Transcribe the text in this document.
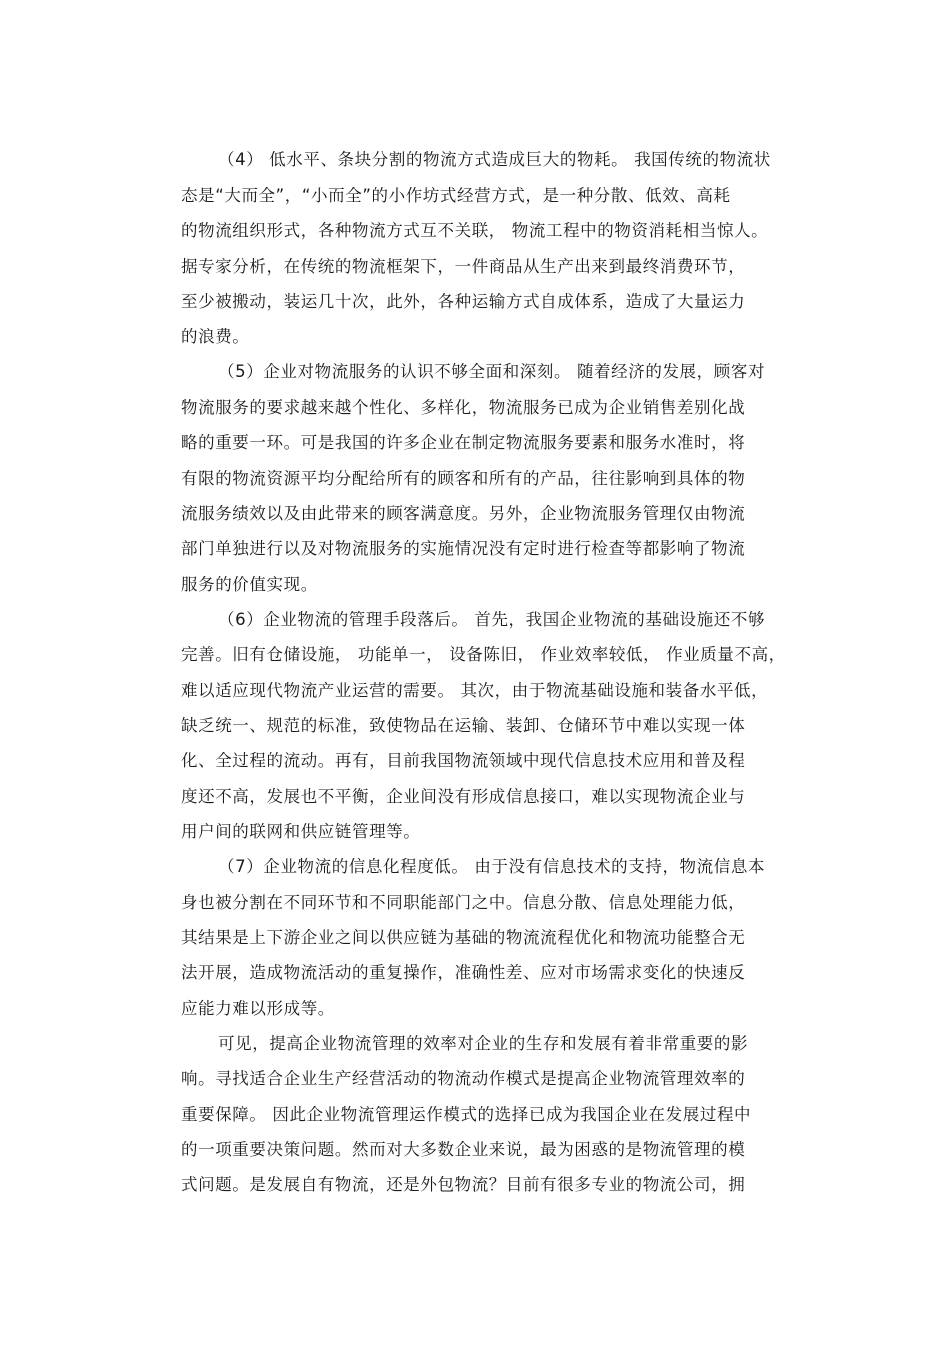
（4） 低水平、条块分割的物流方式造成巨大的物耗。 我国传统的物流状
态是“大而全”，“小而全”的小作坊式经营方式，是一种分散、低效、高耗
的物流组织形式，各种物流方式互不关联， 物流工程中的物资消耗相当惊人。
据专家分析，在传统的物流框架下，一件商品从生产出来到最终消费环节，
至少被搬动，装运几十次，此外，各种运输方式自成体系，造成了大量运力
的浪费。
（5）企业对物流服务的认识不够全面和深刻。 随着经济的发展，顾客对
物流服务的要求越来越个性化、多样化，物流服务已成为企业销售差别化战
略的重要一环。可是我国的许多企业在制定物流服务要素和服务水准时，将
有限的物流资源平均分配给所有的顾客和所有的产品，往往影响到具体的物
流服务绩效以及由此带来的顾客满意度。另外，企业物流服务管理仅由物流
部门单独进行以及对物流服务的实施情况没有定时进行检查等都影响了物流
服务的价值实现。
（6）企业物流的管理手段落后。 首先，我国企业物流的基础设施还不够
完善。旧有仓储设施， 功能单一， 设备陈旧， 作业效率较低， 作业质量不高，
难以适应现代物流产业运营的需要。 其次，由于物流基础设施和装备水平低，
缺乏统一、规范的标准，致使物品在运输、装卸、仓储环节中难以实现一体
化、全过程的流动。再有，目前我国物流领域中现代信息技术应用和普及程
度还不高，发展也不平衡，企业间没有形成信息接口，难以实现物流企业与
用户间的联网和供应链管理等。
（7）企业物流的信息化程度低。 由于没有信息技术的支持，物流信息本
身也被分割在不同环节和不同职能部门之中。信息分散、信息处理能力低，
其结果是上下游企业之间以供应链为基础的物流流程优化和物流功能整合无
法开展，造成物流活动的重复操作，准确性差、应对市场需求变化的快速反
应能力难以形成等。
可见，提高企业物流管理的效率对企业的生存和发展有着非常重要的影
响。寻找适合企业生产经营活动的物流动作模式是提高企业物流管理效率的
重要保障。 因此企业物流管理运作模式的选择已成为我国企业在发展过程中
的一项重要决策问题。然而对大多数企业来说，最为困惑的是物流管理的模
式问题。是发展自有物流，还是外包物流？目前有很多专业的物流公司，拥
